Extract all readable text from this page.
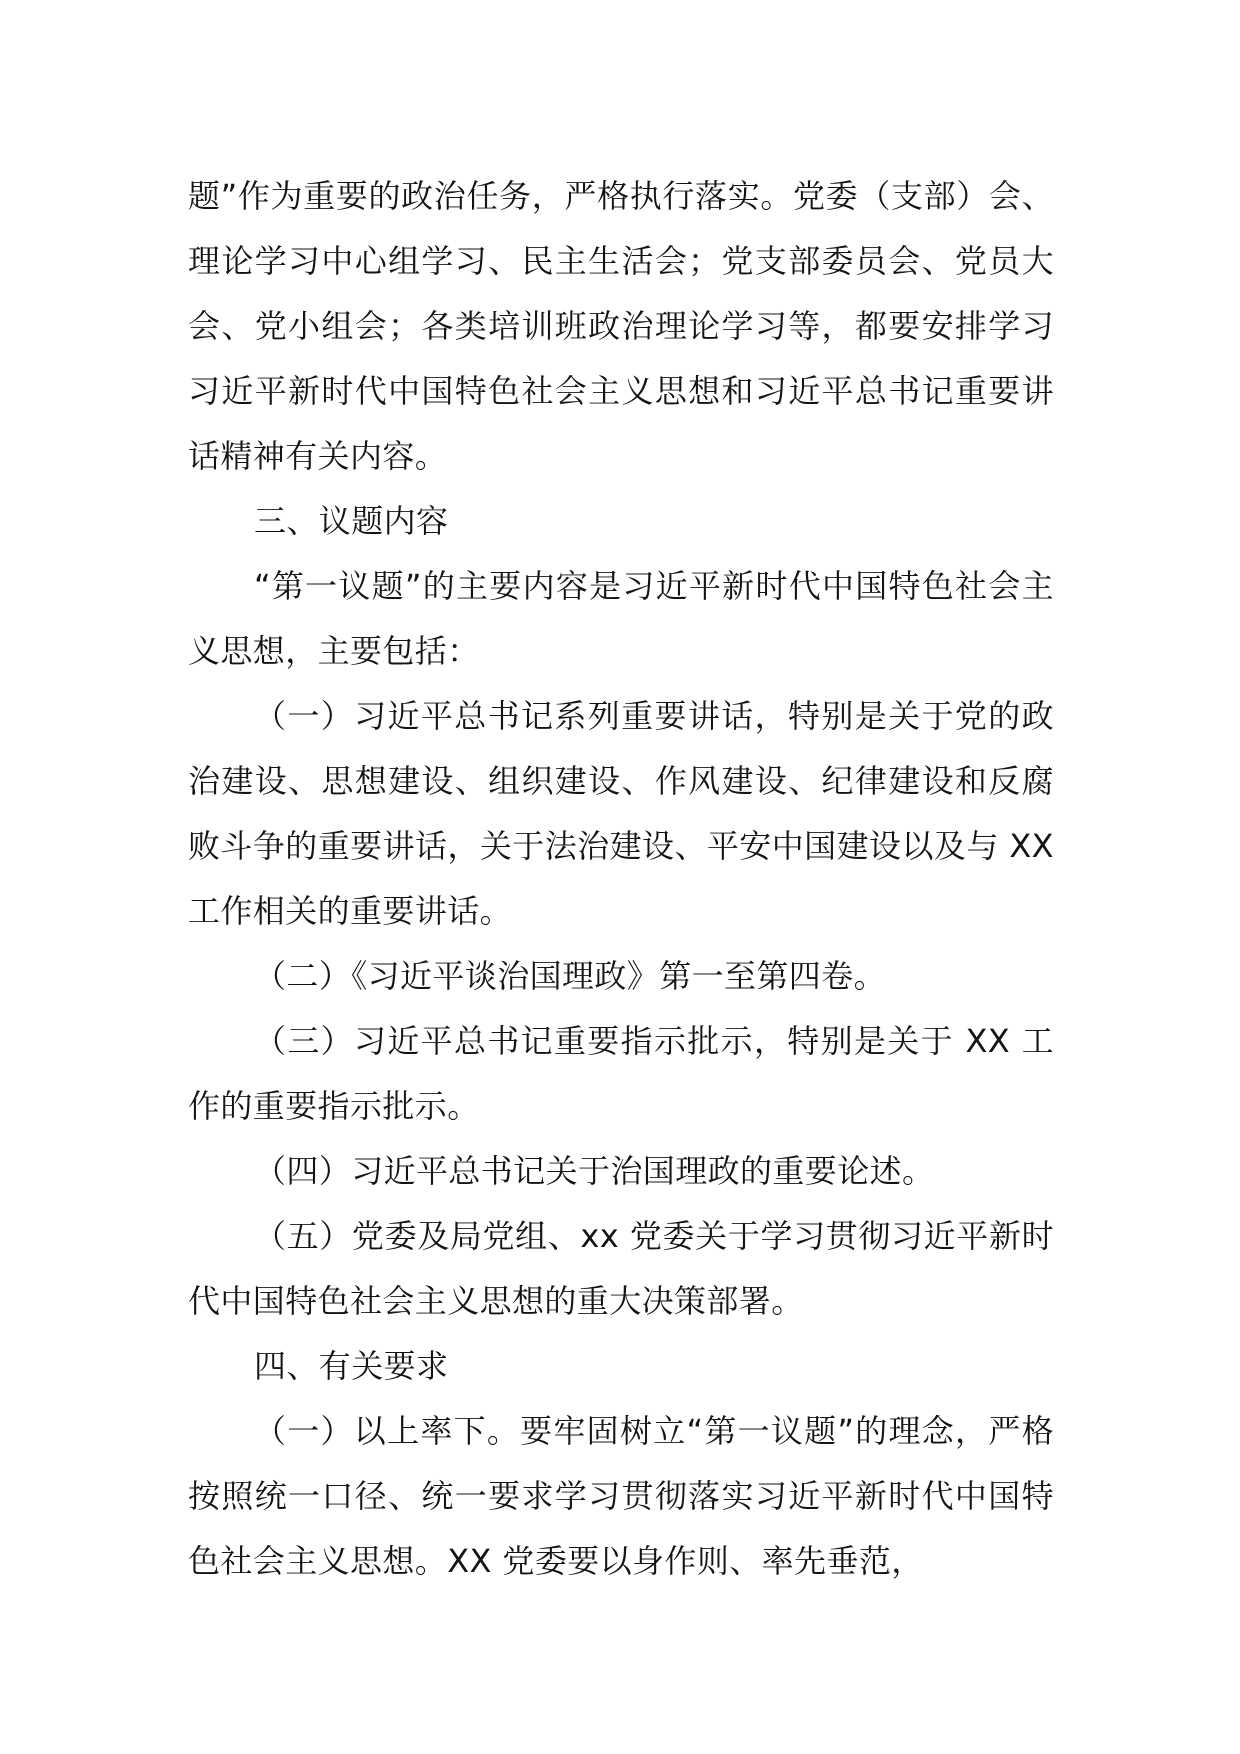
题”作为重要的政治任务，严格执行落实。党委（支部）会、理论学习中心组学习、民主生活会；党支部委员会、党员大会、党小组会；各类培训班政治理论学习等，都要安排学习习近平新时代中国特色社会主义思想和习近平总书记重要讲话精神有关内容。

三、议题内容

“第一议题”的主要内容是习近平新时代中国特色社会主义思想，主要包括：

（一）习近平总书记系列重要讲话，特别是关于党的政治建设、思想建设、组织建设、作风建设、纪律建设和反腐败斗争的重要讲话，关于法治建设、平安中国建设以及与 XX 工作相关的重要讲话。

（二）《习近平谈治国理政》第一至第四卷。

（三）习近平总书记重要指示批示，特别是关于 XX 工作的重要指示批示。

（四）习近平总书记关于治国理政的重要论述。

（五）党委及局党组、xx 党委关于学习贯彻习近平新时代中国特色社会主义思想的重大决策部署。

四、有关要求

（一）以上率下。要牢固树立“第一议题”的理念，严格按照统一口径、统一要求学习贯彻落实习近平新时代中国特色社会主义思想。XX 党委要以身作则、率先垂范，
